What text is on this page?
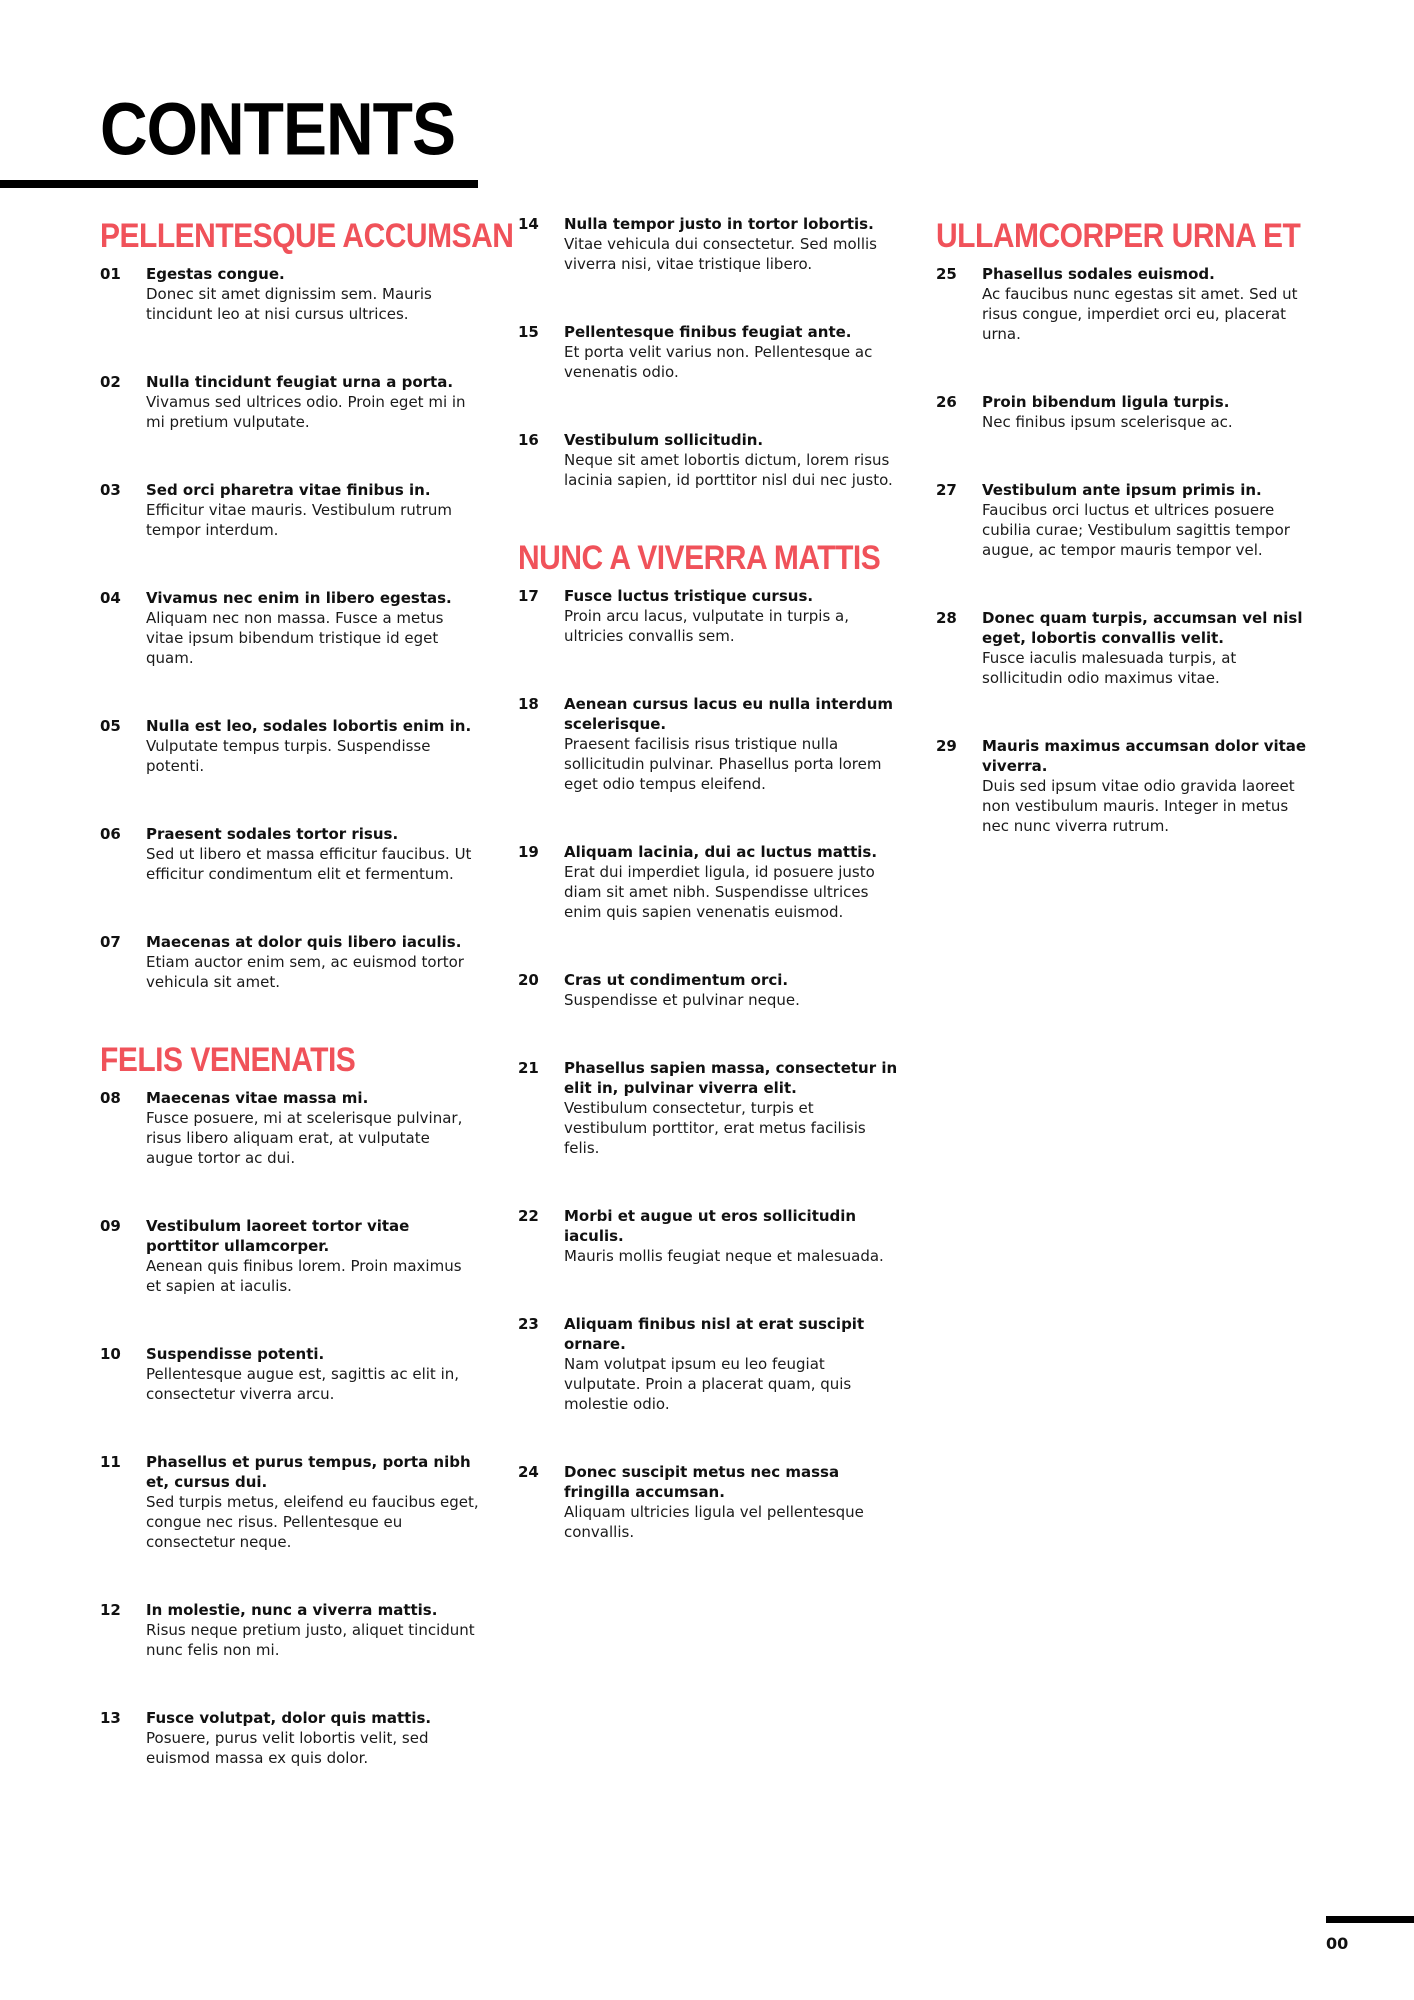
CONTENTS
PELLENTESQUE ACCUMSAN
01	Egestas congue.
Donec sit amet dignissim sem. Mauris tincidunt leo at nisi cursus ultrices.
02	Nulla tincidunt feugiat urna a porta.
Vivamus sed ultrices odio. Proin eget mi in mi pretium vulputate.
03	Sed orci pharetra vitae finibus in.
Efficitur vitae mauris. Vestibulum rutrum tempor interdum.
04	Vivamus nec enim in libero egestas.
Aliquam nec non massa. Fusce a metus vitae ipsum bibendum tristique id eget quam.
05	Nulla est leo, sodales lobortis enim in.
Vulputate tempus turpis. Suspendisse potenti.
06	Praesent sodales tortor risus.
Sed ut libero et massa efficitur faucibus. Ut efficitur condimentum elit et fermentum.
07	Maecenas at dolor quis libero iaculis.
Etiam auctor enim sem, ac euismod tortor vehicula sit amet.
FELIS VENENATIS
08	Maecenas vitae massa mi.
Fusce posuere, mi at scelerisque pulvinar, risus libero aliquam erat, at vulputate augue tortor ac dui.
09	Vestibulum laoreet tortor vitae porttitor ullamcorper.
Aenean quis finibus lorem. Proin maximus et sapien at iaculis.
10	Suspendisse potenti.
Pellentesque augue est, sagittis ac elit in, consectetur viverra arcu.
11	Phasellus et purus tempus, porta nibh et, cursus dui.
Sed turpis metus, eleifend eu faucibus eget, congue nec risus. Pellentesque eu consectetur neque.
12	In molestie, nunc a viverra mattis.
Risus neque pretium justo, aliquet tincidunt nunc felis non mi.
13	Fusce volutpat, dolor quis mattis.
Posuere, purus velit lobortis velit, sed euismod massa ex quis dolor.
14	Nulla tempor justo in tortor lobortis.
Vitae vehicula dui consectetur. Sed mollis viverra nisi, vitae tristique libero.
15	Pellentesque finibus feugiat ante.
Et porta velit varius non. Pellentesque ac venenatis odio.
16	Vestibulum sollicitudin.
Neque sit amet lobortis dictum, lorem risus lacinia sapien, id porttitor nisl dui nec justo.
NUNC A VIVERRA MATTIS
17	Fusce luctus tristique cursus.
Proin arcu lacus, vulputate in turpis a, ultricies convallis sem.
18	Aenean cursus lacus eu nulla interdum scelerisque.
Praesent facilisis risus tristique nulla sollicitudin pulvinar. Phasellus porta lorem eget odio tempus eleifend.
19	Aliquam lacinia, dui ac luctus mattis.
Erat dui imperdiet ligula, id posuere justo diam sit amet nibh. Suspendisse ultrices enim quis sapien venenatis euismod.
20	Cras ut condimentum orci.
Suspendisse et pulvinar neque.
21	Phasellus sapien massa, consectetur in elit in, pulvinar viverra elit.
Vestibulum consectetur, turpis et vestibulum porttitor, erat metus facilisis felis.
22	Morbi et augue ut eros sollicitudin iaculis.
Mauris mollis feugiat neque et malesuada.
23	Aliquam finibus nisl at erat suscipit ornare.
Nam volutpat ipsum eu leo feugiat vulputate. Proin a placerat quam, quis molestie odio.
24	Donec suscipit metus nec massa fringilla accumsan.
Aliquam ultricies ligula vel pellentesque convallis.
ULLAMCORPER URNA ET
25	Phasellus sodales euismod.
Ac faucibus nunc egestas sit amet. Sed ut risus congue, imperdiet orci eu, placerat urna.
26	Proin bibendum ligula turpis.
Nec finibus ipsum scelerisque ac.
27	Vestibulum ante ipsum primis in.
Faucibus orci luctus et ultrices posuere cubilia curae; Vestibulum sagittis tempor augue, ac tempor mauris tempor vel.
28	Donec quam turpis, accumsan vel nisl eget, lobortis convallis velit.
Fusce iaculis malesuada turpis, at sollicitudin odio maximus vitae.
29	Mauris maximus accumsan dolor vitae viverra.
Duis sed ipsum vitae odio gravida laoreet non vestibulum mauris. Integer in metus nec nunc viverra rutrum.
00
